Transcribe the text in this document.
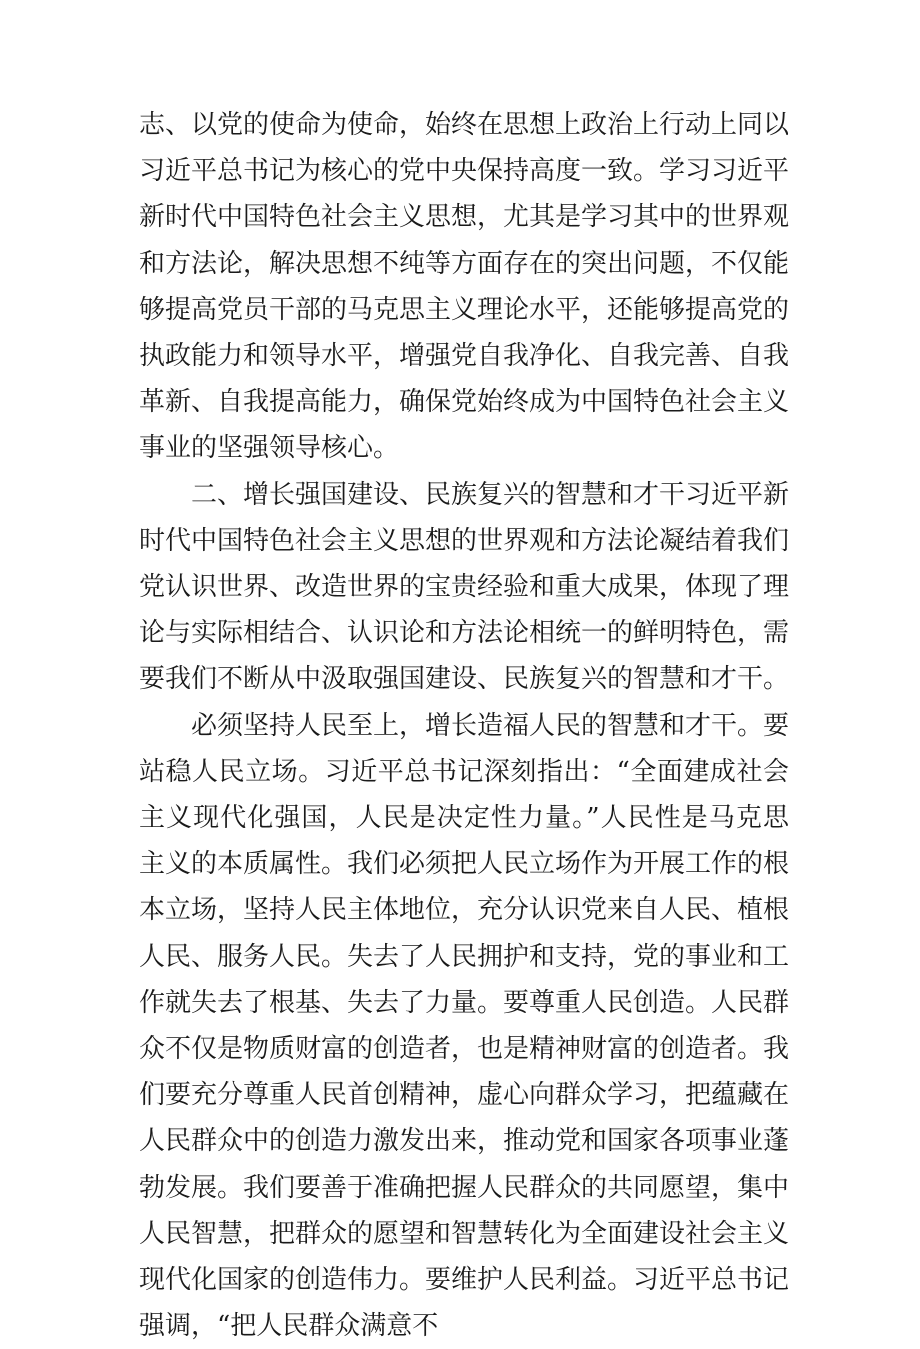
志、以党的使命为使命，始终在思想上政治上行动上同以习近平总书记为核心的党中央保持高度一致。学习习近平新时代中国特色社会主义思想，尤其是学习其中的世界观和方法论，解决思想不纯等方面存在的突出问题，不仅能够提高党员干部的马克思主义理论水平，还能够提高党的执政能力和领导水平，增强党自我净化、自我完善、自我革新、自我提高能力，确保党始终成为中国特色社会主义事业的坚强领导核心。

二、增长强国建设、民族复兴的智慧和才干习近平新时代中国特色社会主义思想的世界观和方法论凝结着我们党认识世界、改造世界的宝贵经验和重大成果，体现了理论与实际相结合、认识论和方法论相统一的鲜明特色，需要我们不断从中汲取强国建设、民族复兴的智慧和才干。

必须坚持人民至上，增长造福人民的智慧和才干。要站稳人民立场。习近平总书记深刻指出：“全面建成社会主义现代化强国，人民是决定性力量。”人民性是马克思主义的本质属性。我们必须把人民立场作为开展工作的根本立场，坚持人民主体地位，充分认识党来自人民、植根人民、服务人民。失去了人民拥护和支持，党的事业和工作就失去了根基、失去了力量。要尊重人民创造。人民群众不仅是物质财富的创造者，也是精神财富的创造者。我们要充分尊重人民首创精神，虚心向群众学习，把蕴藏在人民群众中的创造力激发出来，推动党和国家各项事业蓬勃发展。我们要善于准确把握人民群众的共同愿望，集中人民智慧，把群众的愿望和智慧转化为全面建设社会主义现代化国家的创造伟力。要维护人民利益。习近平总书记强调，“把人民群众满意不
